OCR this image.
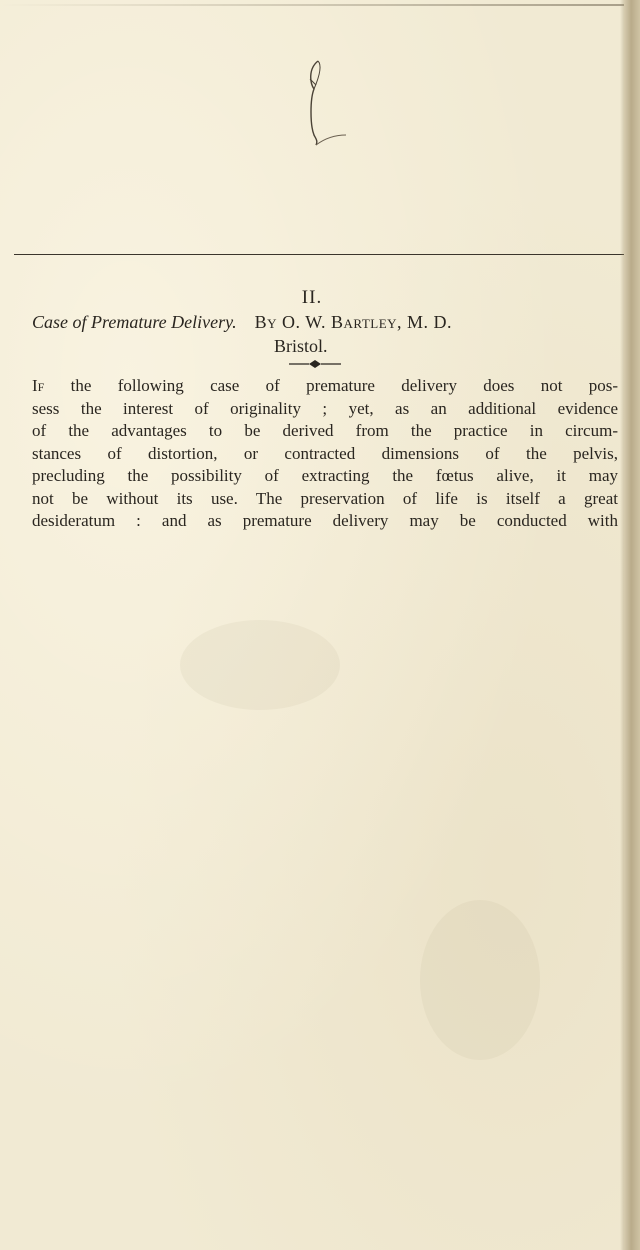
II.
Case of Premature Delivery. By O. W. Bartley, M. D.
Bristol.
If the following case of premature delivery does not pos-
sess the interest of originality ; yet, as an additional evidence
of the advantages to be derived from the practice in circum-
stances of distortion, or contracted dimensions of the pelvis,
precluding the possibility of extracting the fœtus alive, it may
not be without its use. The preservation of life is itself a great
desideratum : and as premature delivery may be conducted with
